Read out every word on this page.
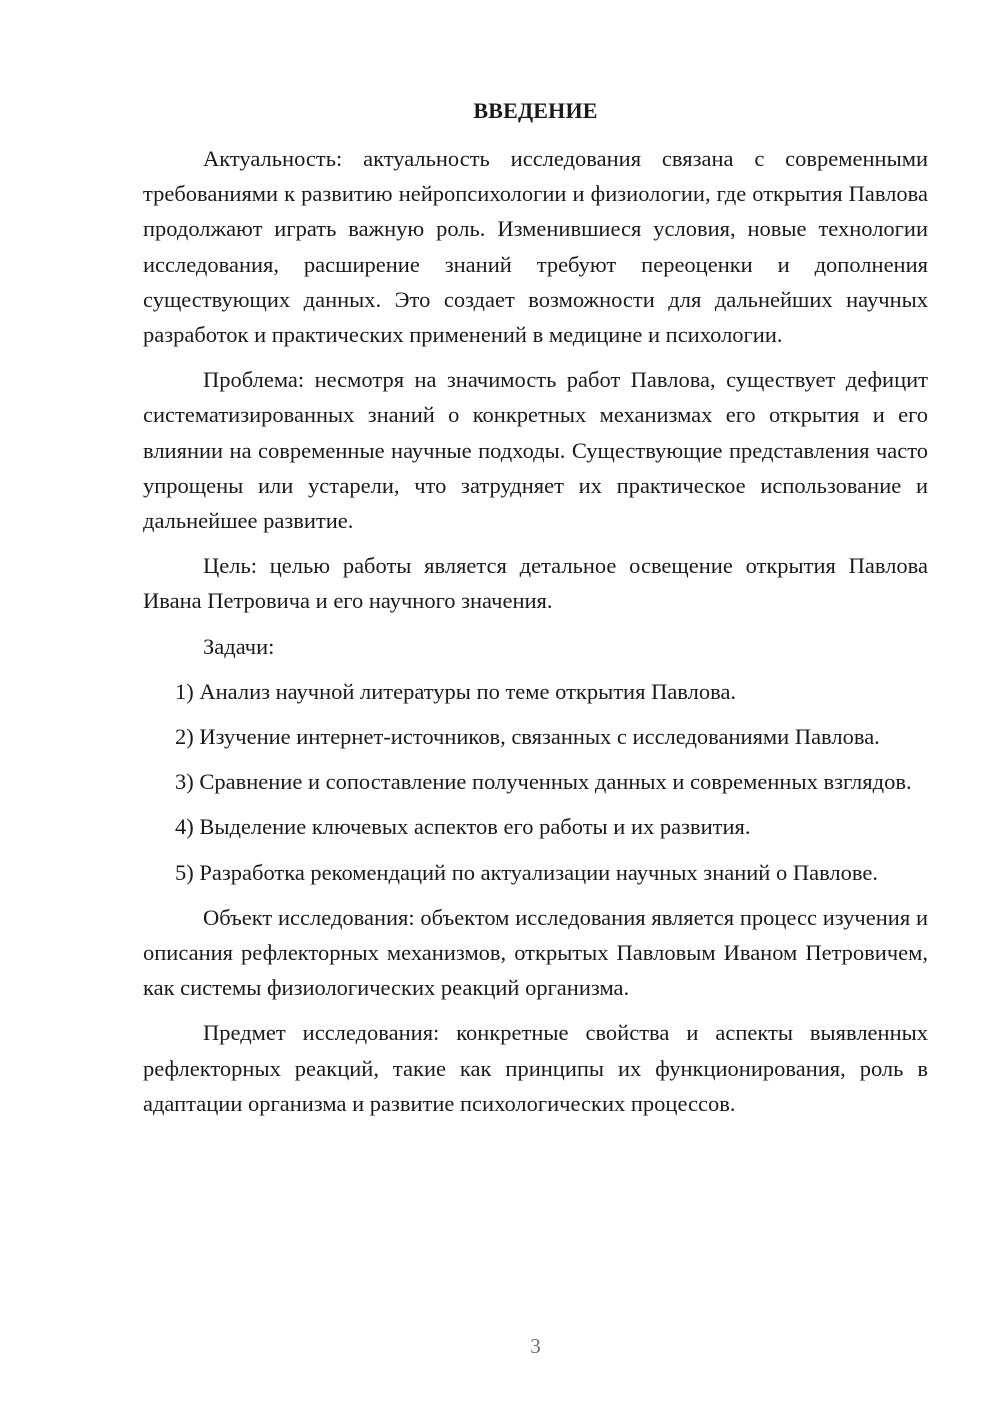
ВВЕДЕНИЕ

Актуальность: актуальность исследования связана с современными требованиями к развитию нейропсихологии и физиологии, где открытия Павлова продолжают играть важную роль. Изменившиеся условия, новые технологии исследования, расширение знаний требуют переоценки и дополнения существующих данных. Это создает возможности для дальнейших научных разработок и практических применений в медицине и психологии.

Проблема: несмотря на значимость работ Павлова, существует дефицит систематизированных знаний о конкретных механизмах его открытия и его влиянии на современные научные подходы. Существующие представления часто упрощены или устарели, что затрудняет их практическое использование и дальнейшее развитие.

Цель: целью работы является детальное освещение открытия Павлова Ивана Петровича и его научного значения.

Задачи:

1) Анализ научной литературы по теме открытия Павлова.

2) Изучение интернет-источников, связанных с исследованиями Павлова.

3) Сравнение и сопоставление полученных данных и современных взглядов.

4) Выделение ключевых аспектов его работы и их развития.

5) Разработка рекомендаций по актуализации научных знаний о Павлове.

Объект исследования: объектом исследования является процесс изучения и описания рефлекторных механизмов, открытых Павловым Иваном Петровичем, как системы физиологических реакций организма.

Предмет исследования: конкретные свойства и аспекты выявленных рефлекторных реакций, такие как принципы их функционирования, роль в адаптации организма и развитие психологических процессов.

3
